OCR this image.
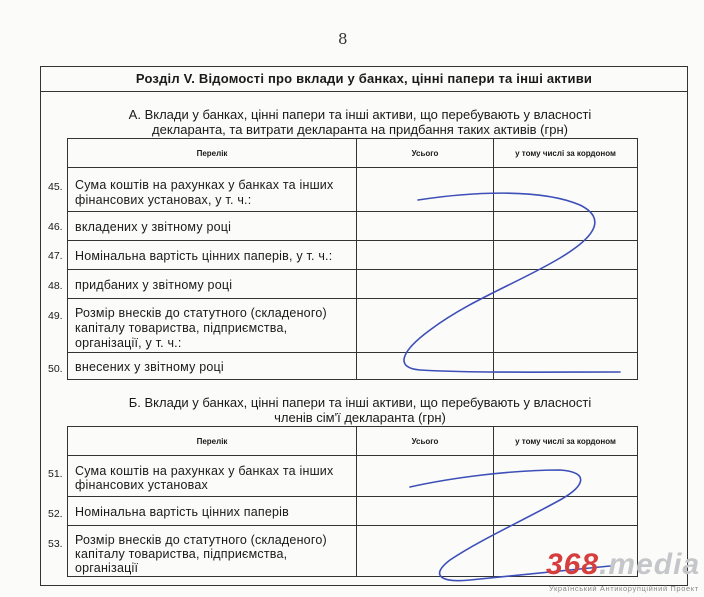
8
Розділ V. Відомості про вклади у банках, цінні папери та інші активи
А. Вклади у банках, цінні папери та інші активи, що перебувають у власності
декларанта, та витрати декларанта на придбання таких активів (грн)
Перелік	Усього	у тому числі за кордоном
45. Сума коштів на рахунках у банках та інших
фінансових установах, у т. ч.:
46. вкладених у звітному році
47. Номінальна вартість цінних паперів, у т. ч.:
48. придбаних у звітному році
49. Розмір внесків до статутного (складеного)
капіталу товариства, підприємства,
організації, у т. ч.:
50. внесених у звітному році
Б. Вклади у банках, цінні папери та інші активи, що перебувають у власності
членів сім'ї декларанта (грн)
Перелік	Усього	у тому числі за кордоном
51. Сума коштів на рахунках у банках та інших
фінансових установах
52. Номінальна вартість цінних паперів
53. Розмір внесків до статутного (складеного)
капіталу товариства, підприємства,
організації	368.media
Український Антикорупційний Проект
